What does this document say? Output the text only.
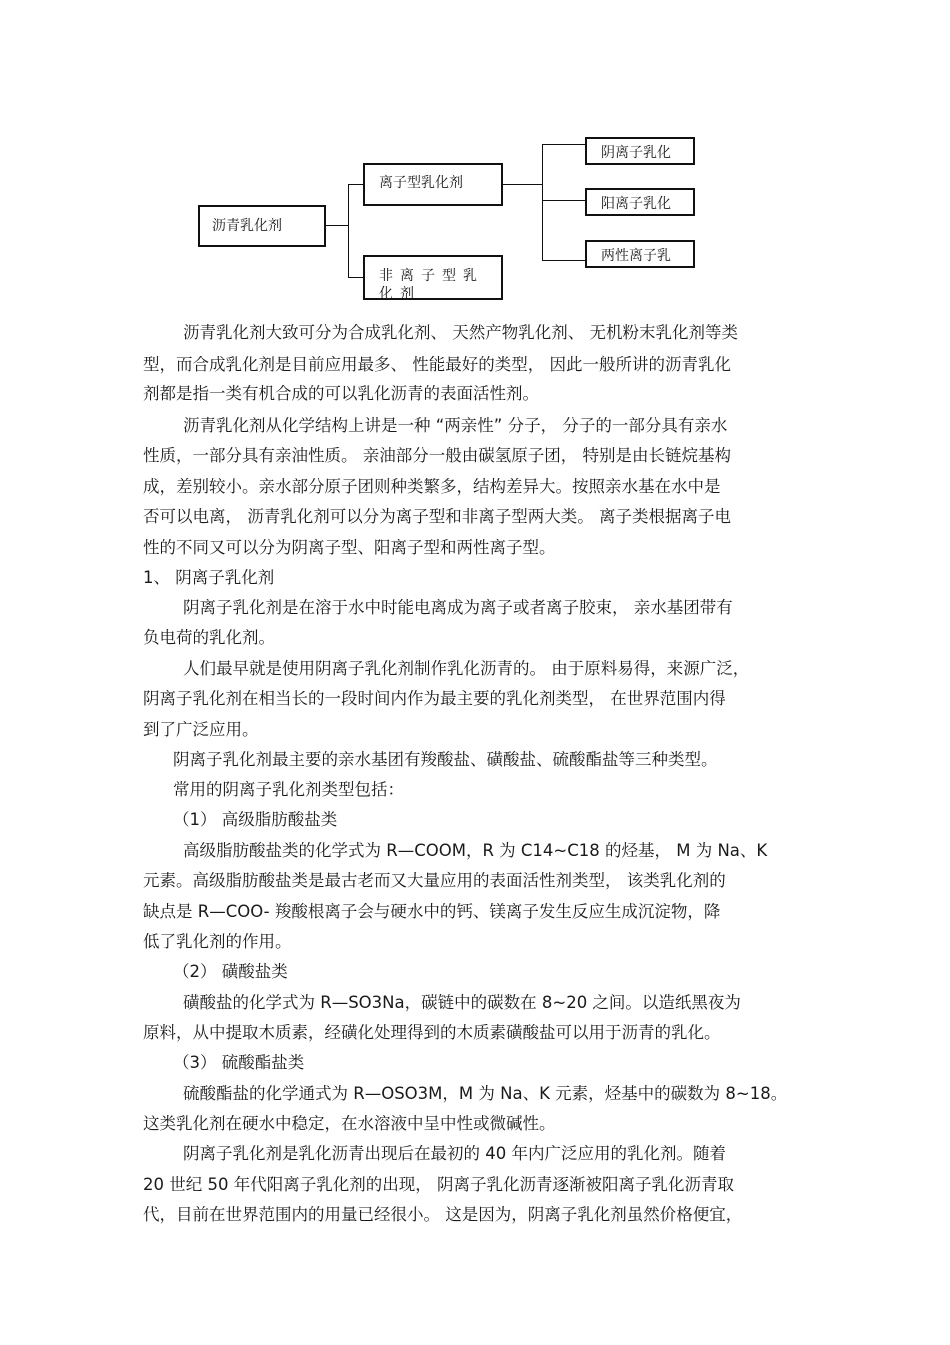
沥青乳化剂
离子型乳化剂
非离子型乳化剂
阴离子乳化
阳离子乳化
两性离子乳
沥青乳化剂大致可分为合成乳化剂、 天然产物乳化剂、 无机粉末乳化剂等类
型，而合成乳化剂是目前应用最多、 性能最好的类型， 因此一般所讲的沥青乳化
剂都是指一类有机合成的可以乳化沥青的表面活性剂。
沥青乳化剂从化学结构上讲是一种 “两亲性” 分子， 分子的一部分具有亲水
性质，一部分具有亲油性质。 亲油部分一般由碳氢原子团， 特别是由长链烷基构
成，差别较小。亲水部分原子团则种类繁多，结构差异大。按照亲水基在水中是
否可以电离， 沥青乳化剂可以分为离子型和非离子型两大类。 离子类根据离子电
性的不同又可以分为阴离子型、阳离子型和两性离子型。
1、 阴离子乳化剂
阴离子乳化剂是在溶于水中时能电离成为离子或者离子胶束， 亲水基团带有
负电荷的乳化剂。
人们最早就是使用阴离子乳化剂制作乳化沥青的。 由于原料易得，来源广泛，
阴离子乳化剂在相当长的一段时间内作为最主要的乳化剂类型， 在世界范围内得
到了广泛应用。
阴离子乳化剂最主要的亲水基团有羧酸盐、磺酸盐、硫酸酯盐等三种类型。
常用的阴离子乳化剂类型包括：
（1） 高级脂肪酸盐类
高级脂肪酸盐类的化学式为 R—COOM，R 为 C14~C18 的烃基， M 为 Na、K
元素。高级脂肪酸盐类是最古老而又大量应用的表面活性剂类型， 该类乳化剂的
缺点是 R—COO- 羧酸根离子会与硬水中的钙、镁离子发生反应生成沉淀物，降
低了乳化剂的作用。
（2） 磺酸盐类
磺酸盐的化学式为 R—SO3Na，碳链中的碳数在 8~20 之间。以造纸黑夜为
原料，从中提取木质素，经磺化处理得到的木质素磺酸盐可以用于沥青的乳化。
（3） 硫酸酯盐类
硫酸酯盐的化学通式为 R—OSO3M，M 为 Na、K 元素，烃基中的碳数为 8~18。
这类乳化剂在硬水中稳定，在水溶液中呈中性或微碱性。
阴离子乳化剂是乳化沥青出现后在最初的 40 年内广泛应用的乳化剂。随着
20 世纪 50 年代阳离子乳化剂的出现， 阴离子乳化沥青逐渐被阳离子乳化沥青取
代，目前在世界范围内的用量已经很小。 这是因为，阴离子乳化剂虽然价格便宜，
